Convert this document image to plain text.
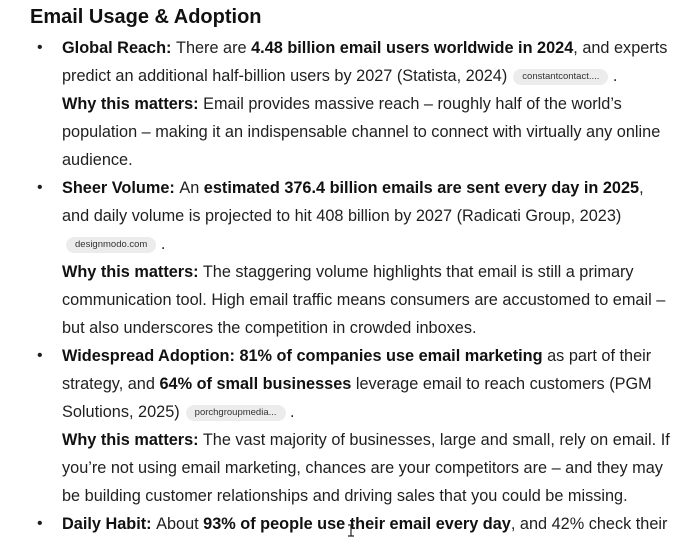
Email Usage & Adoption
• Global Reach: There are 4.48 billion email users worldwide in 2024, and experts predict an additional half-billion users by 2027 (Statista, 2024) constantcontact.... .

Why this matters: Email provides massive reach – roughly half of the world’s population – making it an indispensable channel to connect with virtually any online audience.

• Sheer Volume: An estimated 376.4 billion emails are sent every day in 2025, and daily volume is projected to hit 408 billion by 2027 (Radicati Group, 2023)
designmodo.com .

Why this matters: The staggering volume highlights that email is still a primary communication tool. High email traffic means consumers are accustomed to email – but also underscores the competition in crowded inboxes.

• Widespread Adoption: 81% of companies use email marketing as part of their strategy, and 64% of small businesses leverage email to reach customers (PGM Solutions, 2025) porchgroupmedia... .

Why this matters: The vast majority of businesses, large and small, rely on email. If you’re not using email marketing, chances are your competitors are – and they may be building customer relationships and driving sales that you could be missing.

• Daily Habit: About 93% of people use their email every day, and 42% check their
